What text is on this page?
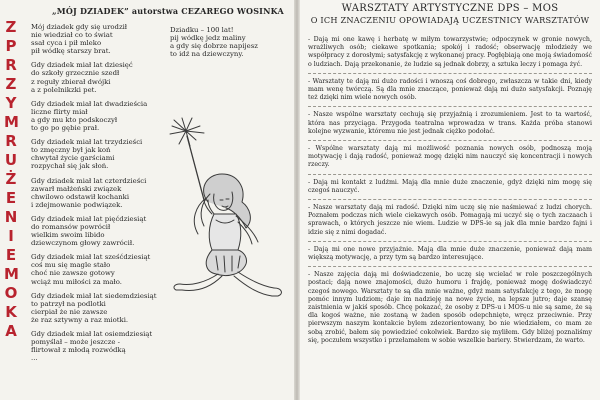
Z
P
R
Z
Y
M
R
U
Ż
E
N
I
E
M
O
K
A
„MÓJ DZIADEK” autorstwa CEZAREGO WOSINKA
Mój dziadek gdy się urodził
nie wiedział co to świat
ssał cyca i pił mleko
pił wódkę starszy brat.
Gdy dziadek miał lat dziesięć
do szkoły grzecznie szedł
z reguły zbierał dwójki
a z polelnikzki pet.
Gdy dziadek miał lat dwadzieścia
liczne flirty miał
a gdy mu kto podskoczył
to go po gębie prał.
Gdy dziadek miał lat trzydzieści
to zmęczny był jak koń
chwytał życie garściami
rozpychał się jak słoń.
Gdy dziadek miał lat czterdzieści
zawarł małżeński związek
chwilowo odstawił kochanki
i zdejmowanie podwiązek.
Gdy dziadek miał lat pięćdziesiąt
do romansów powrócił
wielkim swoim libido
dziewczynom głowy zawrócił.
Gdy dziadek miał lat sześćdziesiąt
coś mu się magle stało
choć nie zawsze gotowy
wciąż mu miłości za mało.
Gdy dziadek miał lat siedemdziesiąt
to patrzył na podlotki
cierpiał że nie zawsze
że raz sztywny a raz miotki.
Gdy dziadek miał lat osiemdziesiąt
pomyślał – może jeszcze -
flirtował z młodą rozwódką
...
Dziadku – 100 lat!
pij wódkę jedz maliny
a gdy się dobrze napijesz
to idź na dziewczyny.
WARSZTATY ARTYSTYCZNE DPS – MOS
O ICH ZNACZENIU OPOWIADAJĄ UCZESTNICY WARSZTATÓW

- Dają mi one kawę i herbatę w miłym towarzystwie; odpoczynek w gronie nowych, wrażliwych osób; ciekawe spotkania; spokój i radość; obserwację młodzieży we współpracy z dorosłymi; satysfakcję z wykonanej pracy. Pogłębiają one moją świadomość o ludziach. Dają przekonanie, że ludzie są jednak dobrzy, a sztuka leczy i pomaga żyć.

- Warsztaty te dają mi dużo radości i wnoszą coś dobrego, zwłaszcza w takie dni, kiedy mam wenę twórczą. Są dla mnie znaczące, ponieważ dają mi dużo satysfakcji. Poznaję też dzięki nim wiele nowych osób.

- Nasze wspólne warsztaty cechują się przyjaźnią i zrozumieniem. Jest to ta wartość, która nas przyciąga. Przygoda teatralna wprowadza w trans. Każda próba stanowi kolejne wyzwanie, któremu nie jest jednak ciężko podołać.

- Wspólne warsztaty dają mi możliwość poznania nowych osób, podnoszą moją motywację i dają radość, ponieważ mogę dzięki nim nauczyć się koncentracji i nowych rzeczy.

- Dają mi kontakt z ludźmi. Mają dla mnie duże znaczenie, gdyż dzięki nim mogę się czegoś nauczyć.

- Nasze warsztaty dają mi radość. Dzięki nim uczę się nie naśmiewać z ludzi chorych. Poznałem podczas nich wiele ciekawych osób. Pomagają mi uczyć się o tych zaczaach i sprawach, o których jeszcze nie wiem. Ludzie w DPS-ie są jak dla mnie bardzo fajni i idzie się z nimi dogadać.

- Dają mi one nowe przyjaźnie. Mają dla mnie duże znaczenie, ponieważ dają mam większą motywację, a przy tym są bardzo interesujące.

- Nasze zajęcia dają mi doświadczenie, bo uczę się wcielać w role poszczególnych postaci; dają nowe znajomości, dużo humoru i frajdę, ponieważ mogę doświadczyć czegoś nowego. Warsztaty te są dla mnie ważne, gdyż mam satysfakcję z tego, że mogę pomóc innym ludziom; daje im nadzieję na nowe życie, na lepsze jutro; daje szansę zaistnienia w jakiś sposób. Chcę pokazać, że osoby z DPS-u i MOS-u nie są same, że są dla kogoś ważne, nie zostaną w żaden sposób odepchnięte, wręcz przeciwnie. Przy pierwszym naszym kontakcie bylem zdezorientowany, bo nie wiedziałem, co mam ze sobą zrobić, bałem się powiedzieć cokolwiek. Bardzo się myliłem. Gdy bliżej poznaliśmy się, poczułem wszystko i przełamałem w sobie wszelkie bariery. Stwierdzam, że warto.
